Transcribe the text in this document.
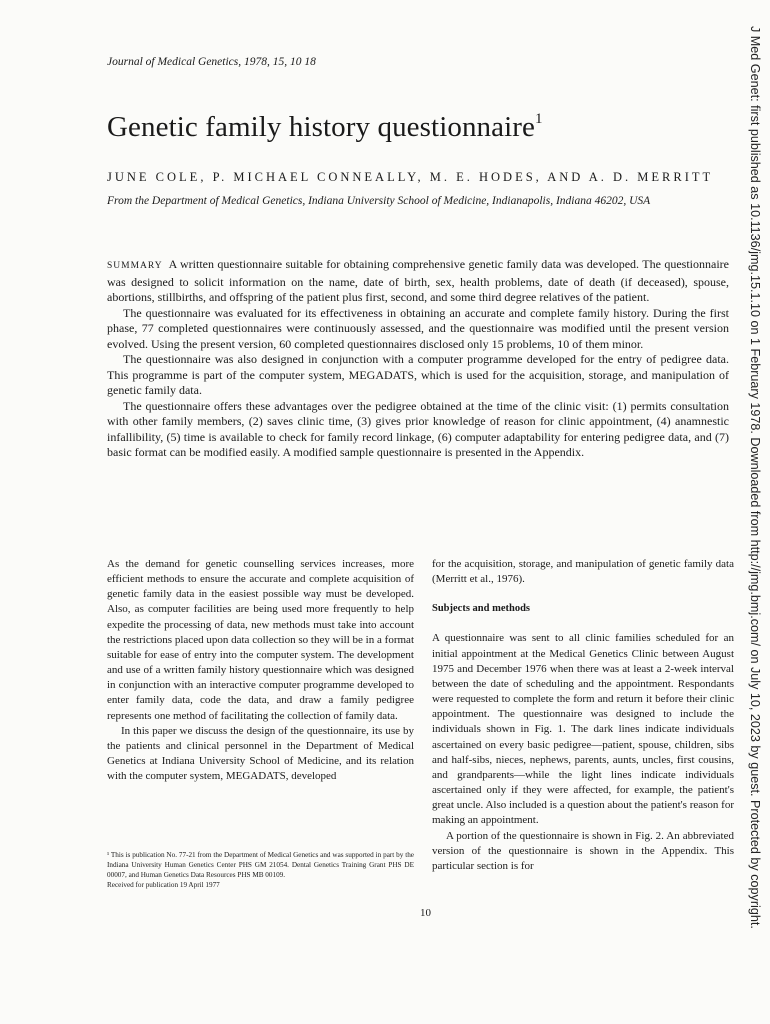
Journal of Medical Genetics, 1978, 15, 10 18
Genetic family history questionnaire$^1$
JUNE COLE, P. MICHAEL CONNEALLY, M. E. HODES, AND A. D. MERRITT
From the Department of Medical Genetics, Indiana University School of Medicine, Indianapolis, Indiana 46202, USA

SUMMARY A written questionnaire suitable for obtaining comprehensive genetic family data was developed. The questionnaire was designed to solicit information on the name, date of birth, sex, health problems, date of death (if deceased), spouse, abortions, stillbirths, and offspring of the patient plus first, second, and some third degree relatives of the patient.

The questionnaire was evaluated for its effectiveness in obtaining an accurate and complete family history. During the first phase, 77 completed questionnaires were continuously assessed, and the questionnaire was modified until the present version evolved. Using the present version, 60 completed questionnaires disclosed only 15 problems, 10 of them minor.

The questionnaire was also designed in conjunction with a computer programme developed for the entry of pedigree data. This programme is part of the computer system, MEGADATS, which is used for the acquisition, storage, and manipulation of genetic family data.

The questionnaire offers these advantages over the pedigree obtained at the time of the clinic visit: (1) permits consultation with other family members, (2) saves clinic time, (3) gives prior knowledge of reason for clinic appointment, (4) anamnestic infallibility, (5) time is available to check for family record linkage, (6) computer adaptability for entering pedigree data, and (7) basic format can be modified easily. A modified sample questionnaire is presented in the Appendix.

As the demand for genetic counselling services increases, more efficient methods to ensure the accurate and complete acquisition of genetic family data in the easiest possible way must be developed. Also, as computer facilities are being used more frequently to help expedite the processing of data, new methods must take into account the restrictions placed upon data collection so they will be in a format suitable for ease of entry into the computer system. The development and use of a written family history questionnaire which was designed in conjunction with an interactive computer programme developed to enter family data, code the data, and draw a family pedigree represents one method of facilitating the collection of family data.

In this paper we discuss the design of the questionnaire, its use by the patients and clinical personnel in the Department of Medical Genetics at Indiana University School of Medicine, and its relation with the computer system, MEGADATS, developed

¹ This is publication No. 77-21 from the Department of Medical Genetics and was supported in part by the Indiana University Human Genetics Center PHS GM 21054. Dental Genetics Training Grant PHS DE 00007, and Human Genetics Data Resources PHS MB 00109.

Received for publication 19 April 1977

for the acquisition, storage, and manipulation of genetic family data (Merritt et al., 1976).

Subjects and methods

A questionnaire was sent to all clinic families scheduled for an initial appointment at the Medical Genetics Clinic between August 1975 and December 1976 when there was at least a 2-week interval between the date of scheduling and the appointment. Respondants were requested to complete the form and return it before their clinic appointment. The questionnaire was designed to include the individuals shown in Fig. 1. The dark lines indicate individuals ascertained on every basic pedigree—patient, spouse, children, sibs and half-sibs, nieces, nephews, parents, aunts, uncles, first cousins, and grandparents—while the light lines indicate individuals ascertained only if they were affected, for example, the patient's great uncle. Also included is a question about the patient's reason for making an appointment.

A portion of the questionnaire is shown in Fig. 2. An abbreviated version of the questionnaire is shown in the Appendix. This particular section is for

10	J Med Genet: first published as 10.1136/jmg.15.1.10 on 1 February 1978. Downloaded from http://jmg.bmj.com/ on July 10, 2023 by guest. Protected by copyright.
